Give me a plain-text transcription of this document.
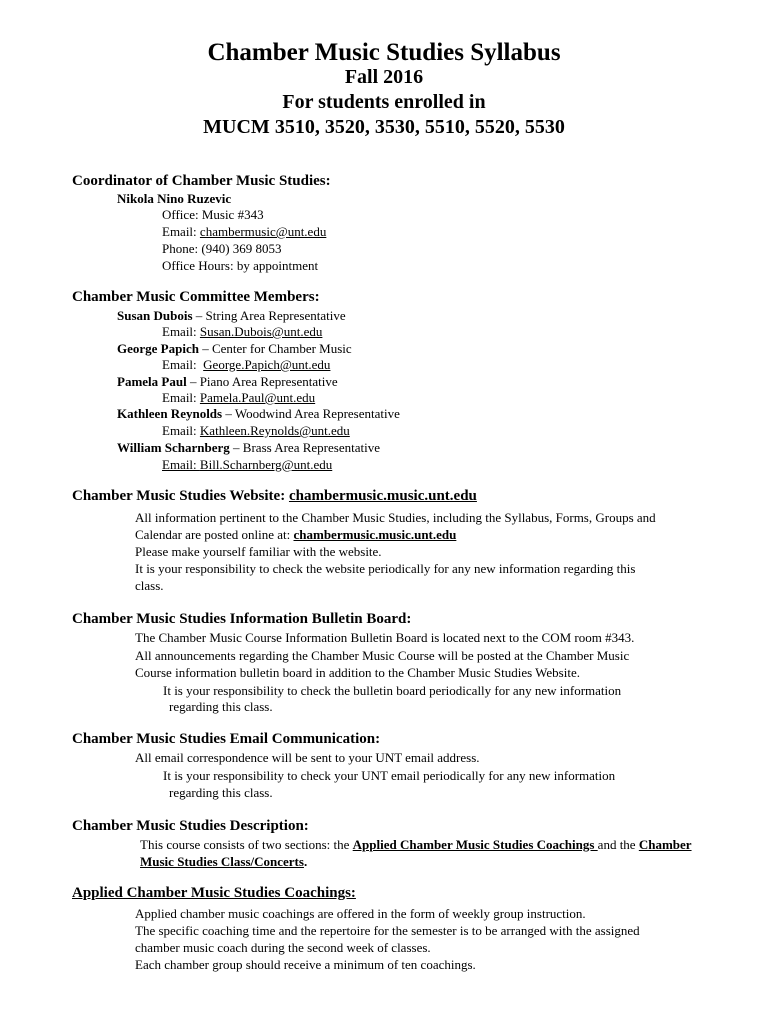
Chamber Music Studies Syllabus
Fall 2016
For students enrolled in
MUCM 3510, 3520, 3530, 5510, 5520, 5530
Coordinator of Chamber Music Studies:
Nikola Nino Ruzevic
Office: Music #343
Email: chambermusic@unt.edu
Phone: (940) 369 8053
Office Hours: by appointment
Chamber Music Committee Members:
Susan Dubois – String Area Representative
Email: Susan.Dubois@unt.edu
George Papich – Center for Chamber Music
Email:  George.Papich@unt.edu
Pamela Paul – Piano Area Representative
Email: Pamela.Paul@unt.edu
Kathleen Reynolds – Woodwind Area Representative
Email: Kathleen.Reynolds@unt.edu
William Scharnberg – Brass Area Representative
Email: Bill.Scharnberg@unt.edu
Chamber Music Studies Website: chambermusic.music.unt.edu
All information pertinent to the Chamber Music Studies, including the Syllabus, Forms, Groups and
Calendar are posted online at: chambermusic.music.unt.edu
Please make yourself familiar with the website.
It is your responsibility to check the website periodically for any new information regarding this
class.
Chamber Music Studies Information Bulletin Board:
The Chamber Music Course Information Bulletin Board is located next to the COM room #343.
All announcements regarding the Chamber Music Course will be posted at the Chamber Music
Course information bulletin board in addition to the Chamber Music Studies Website.
It is your responsibility to check the bulletin board periodically for any new information
regarding this class.
Chamber Music Studies Email Communication:
All email correspondence will be sent to your UNT email address.
It is your responsibility to check your UNT email periodically for any new information
regarding this class.
Chamber Music Studies Description:
This course consists of two sections: the Applied Chamber Music Studies Coachings and the Chamber
Music Studies Class/Concerts.
Applied Chamber Music Studies Coachings:
Applied chamber music coachings are offered in the form of weekly group instruction.
The specific coaching time and the repertoire for the semester is to be arranged with the assigned
chamber music coach during the second week of classes.
Each chamber group should receive a minimum of ten coachings.
